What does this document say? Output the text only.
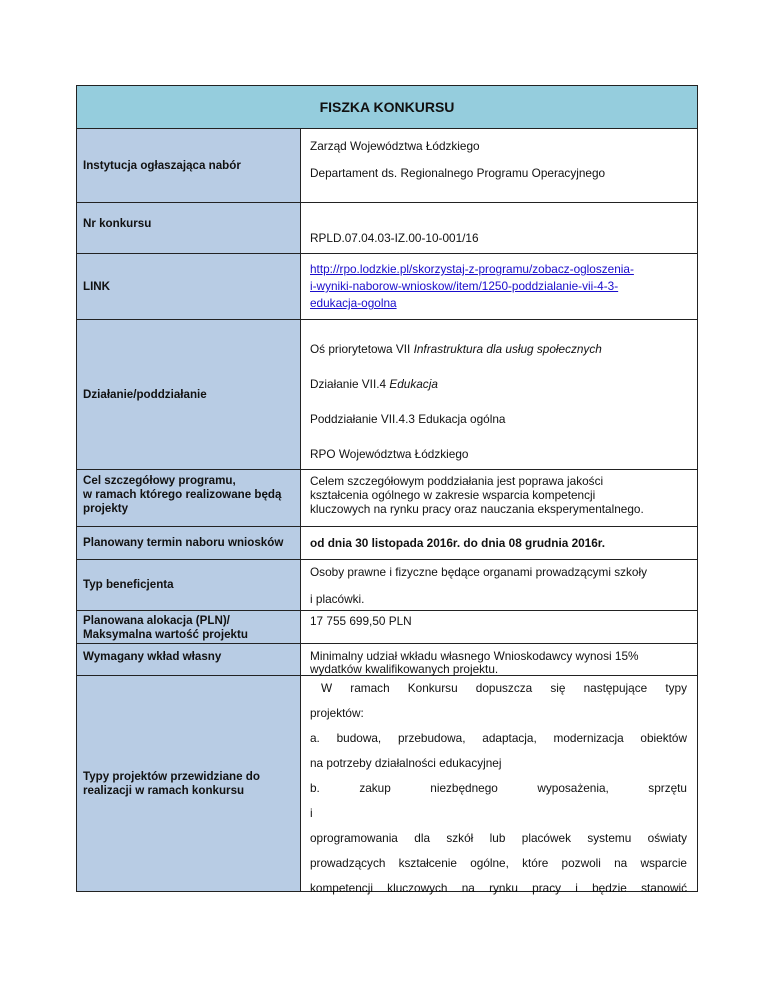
FISZKA KONKURSU
Instytucja ogłaszająca nabór

Zarząd Województwa Łódzkiego

Departament ds. Regionalnego Programu Operacyjnego

Nr konkursu
RPLD.07.04.03-IZ.00-10-001/16
LINK
http://rpo.lodzkie.pl/skorzystaj-z-programu/zobacz-ogloszenia-
i-wyniki-naborow-wnioskow/item/1250-poddzialanie-vii-4-3-
edukacja-ogolna
Działanie/poddziałanie

Oś priorytetowa VII Infrastruktura dla usług społecznych

Działanie VII.4 Edukacja

Poddziałanie VII.4.3 Edukacja ogólna

RPO Województwa Łódzkiego

Cel szczegółowy programu,
w ramach którego realizowane będą
projekty

Celem szczegółowym poddziałania jest poprawa jakości

kształcenia ogólnego w zakresie wsparcia kompetencji

kluczowych na rynku pracy oraz nauczania eksperymentalnego.

Planowany termin naboru wniosków od dnia 30 listopada 2016r. do dnia 08 grudnia 2016r.
Typ beneficjenta

Osoby prawne i fizyczne będące organami prowadzącymi szkoły

i placówki.

Planowana alokacja (PLN)/
Maksymalna wartość projektu
17 755 699,50 PLN
Wymagany wkład własny	Minimalny udział wkładu własnego Wnioskodawcy wynosi 15%

wydatków kwalifikowanych projektu.

Typy projektów przewidziane do
realizacji w ramach konkursu

W ramach Konkursu dopuszcza się następujące typy

projektów:

a. budowa, przebudowa, adaptacja, modernizacja obiektów

na potrzeby działalności edukacyjnej

b. zakup niezbędnego wyposażenia, sprzętu i

oprogramowania dla szkół lub placówek systemu oświaty

prowadzących kształcenie ogólne, które pozwoli na wsparcie

kompetencji kluczowych na rynku pracy i będzie stanowić
